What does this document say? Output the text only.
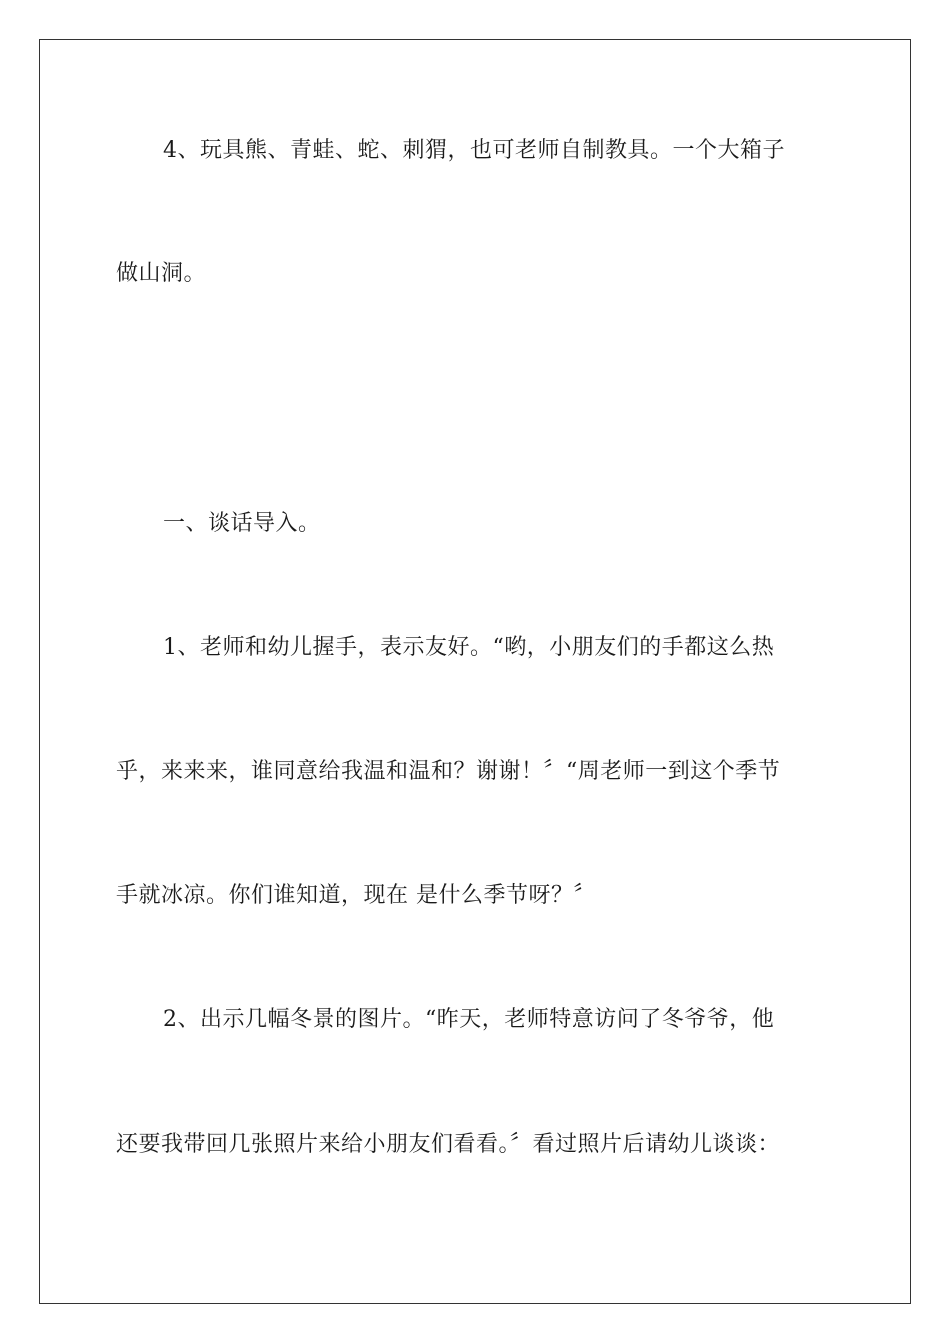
4、玩具熊、青蛙、蛇、刺猬，也可老师自制教具。一个大箱子
做山洞。
一、谈话导入。
1、老师和幼儿握手，表示友好。“哟，小朋友们的手都这么热
乎，来来来，谁同意给我温和温和？谢谢！〞“周老师一到这个季节
手就冰凉。你们谁知道，现在 是什么季节呀？〞
2、出示几幅冬景的图片。“昨天，老师特意访问了冬爷爷，他
还要我带回几张照片来给小朋友们看看。〞看过照片后请幼儿谈谈：
